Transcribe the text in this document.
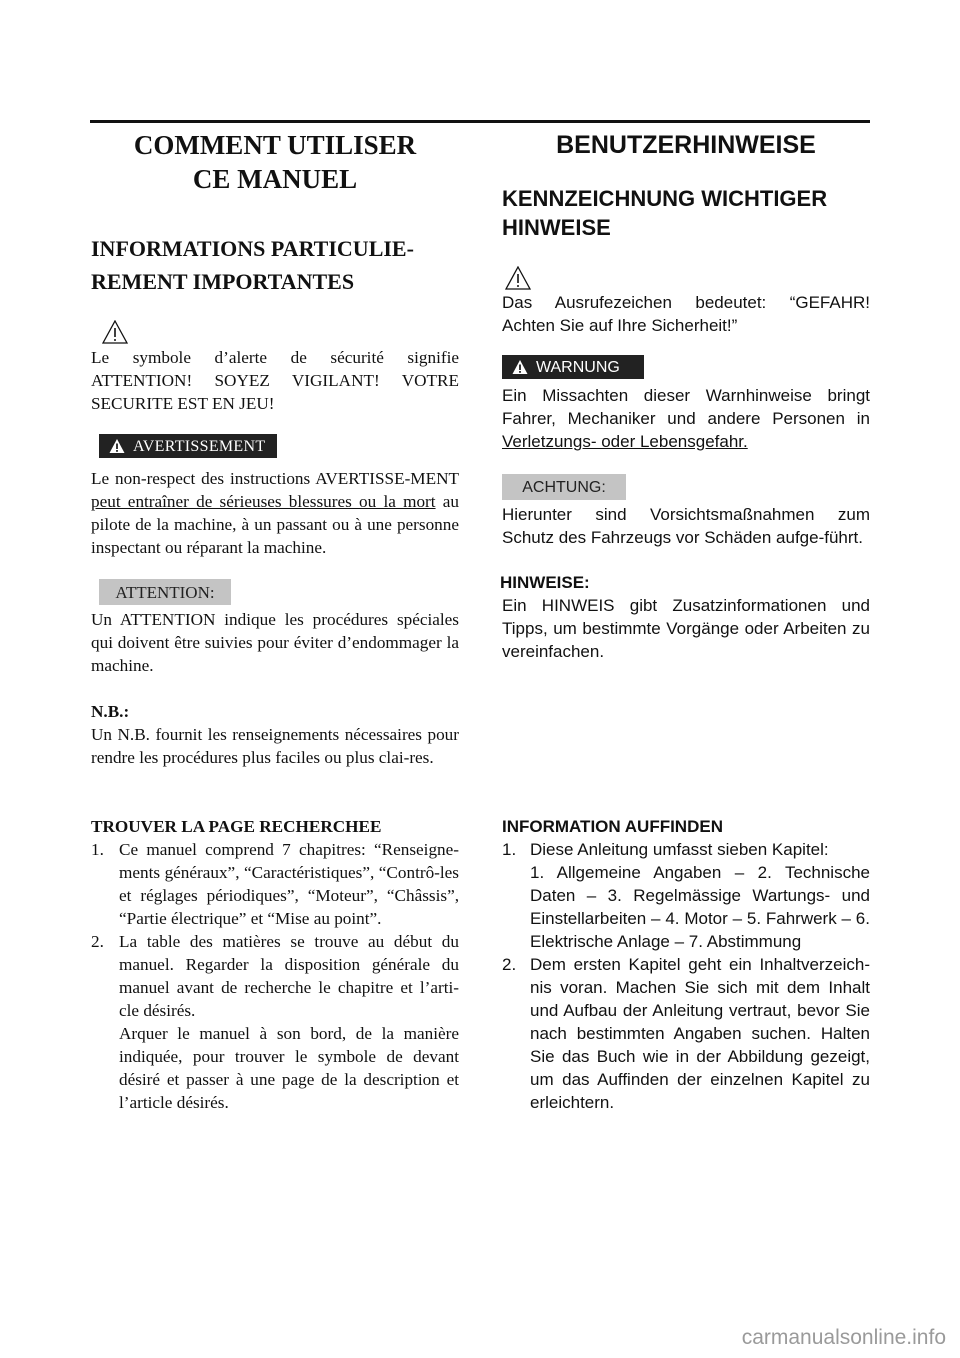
COMMENT UTILISER CE MANUEL
INFORMATIONS PARTICULIE-REMENT IMPORTANTES

Le symbole d’alerte de sécurité signifie ATTENTION! SOYEZ VIGILANT! VOTRE SECURITE EST EN JEU!

AVERTISSEMENT

Le non-respect des instructions AVERTISSE-MENT peut entraîner de sérieuses blessures ou la mort au pilote de la machine, à un passant ou à une personne inspectant ou réparant la machine.

ATTENTION:

Un ATTENTION indique les procédures spéciales qui doivent être suivies pour éviter d’endommager la machine.

N.B.:

Un N.B. fournit les renseignements nécessaires pour rendre les procédures plus faciles ou plus clai-res.

BENUTZERHINWEISE
KENNZEICHNUNG WICHTIGER HINWEISE

Das Ausrufezeichen bedeutet: “GEFAHR! Achten Sie auf Ihre Sicherheit!”

WARNUNG

Ein Missachten dieser Warnhinweise bringt Fahrer, Mechaniker und andere Personen in Verletzungs- oder Lebensgefahr.

ACHTUNG:

Hierunter sind Vorsichtsmaßnahmen zum Schutz des Fahrzeugs vor Schäden aufge-führt.

HINWEISE:

Ein HINWEIS gibt Zusatzinformationen und Tipps, um bestimmte Vorgänge oder Arbeiten zu vereinfachen.

TROUVER LA PAGE RECHERCHEE

1. Ce manuel comprend 7 chapitres: “Renseigne-ments généraux”, “Caractéristiques”, “Contrô-les et réglages périodiques”, “Moteur”, “Châssis”, “Partie électrique” et “Mise au point”.
2. La table des matières se trouve au début du manuel. Regarder la disposition générale du manuel avant de recherche le chapitre et l’arti-cle désirés.

Arquer le manuel à son bord, de la manière indiquée, pour trouver le symbole de devant désiré et passer à une page de la description et l’article désirés.

INFORMATION AUFFINDEN

1. Diese Anleitung umfasst sieben Kapitel:

1. Allgemeine Angaben – 2. Technische Daten – 3. Regelmässige Wartungs- und Einstellarbeiten – 4. Motor – 5. Fahrwerk – 6. Elektrische Anlage – 7. Abstimmung

2. Dem ersten Kapitel geht ein Inhaltverzeich-nis voran. Machen Sie sich mit dem Inhalt und Aufbau der Anleitung vertraut, bevor Sie nach bestimmten Angaben suchen. Halten Sie das Buch wie in der Abbildung gezeigt, um das Auffinden der einzelnen Kapitel zu erleichtern.
carmanualsonline.info
